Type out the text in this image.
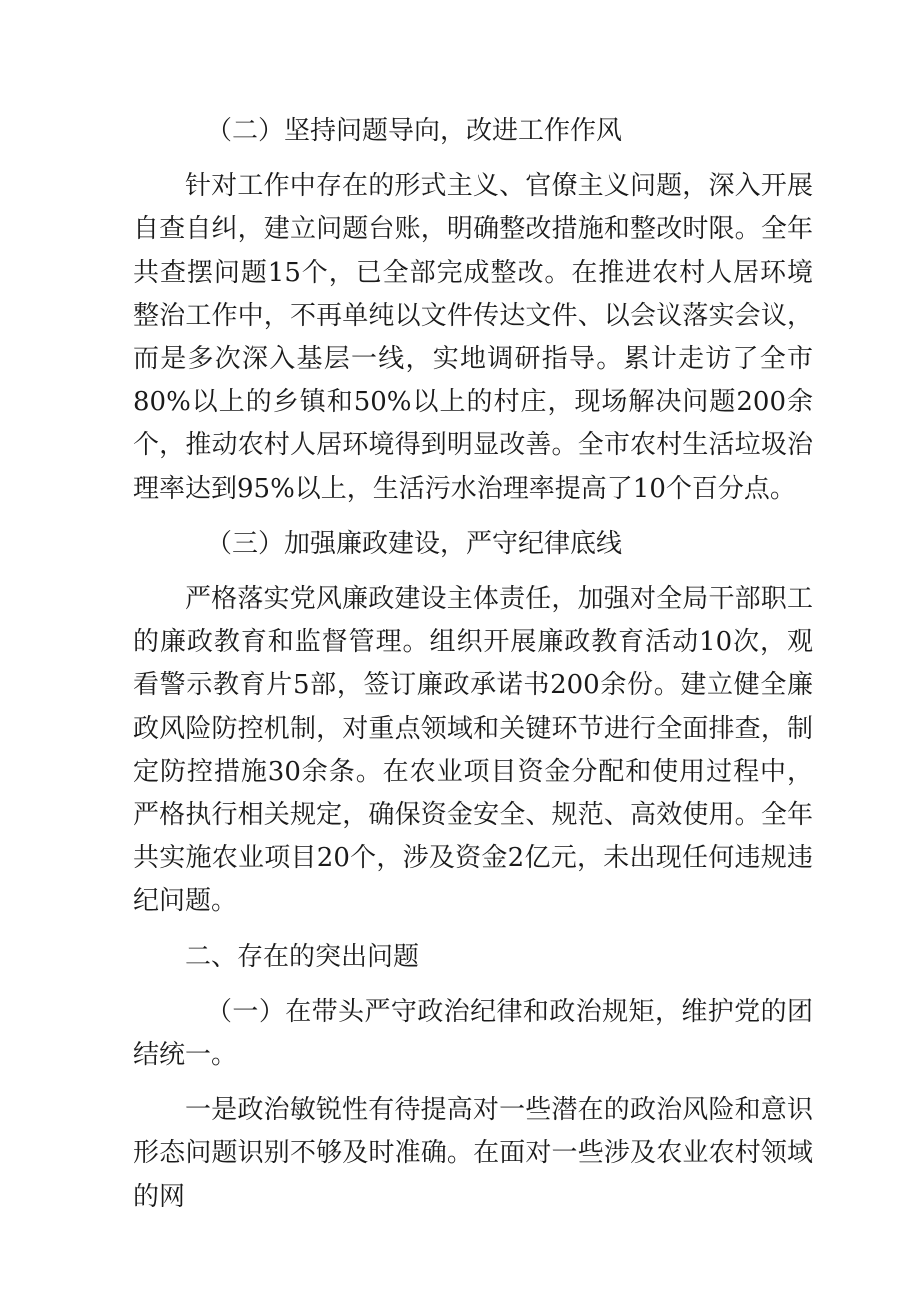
（二）坚持问题导向，改进工作作风

针对工作中存在的形式主义、官僚主义问题，深入开展自查自纠，建立问题台账，明确整改措施和整改时限。全年共查摆问题15个，已全部完成整改。在推进农村人居环境整治工作中，不再单纯以文件传达文件、以会议落实会议，而是多次深入基层一线，实地调研指导。累计走访了全市80%以上的乡镇和50%以上的村庄，现场解决问题200余个，推动农村人居环境得到明显改善。全市农村生活垃圾治理率达到95%以上，生活污水治理率提高了10个百分点。

（三）加强廉政建设，严守纪律底线

严格落实党风廉政建设主体责任，加强对全局干部职工的廉政教育和监督管理。组织开展廉政教育活动10次，观看警示教育片5部，签订廉政承诺书200余份。建立健全廉政风险防控机制，对重点领域和关键环节进行全面排查，制定防控措施30余条。在农业项目资金分配和使用过程中，严格执行相关规定，确保资金安全、规范、高效使用。全年共实施农业项目20个，涉及资金2亿元，未出现任何违规违纪问题。

二、存在的突出问题

（一）在带头严守政治纪律和政治规矩，维护党的团结统一。

一是政治敏锐性有待提高对一些潜在的政治风险和意识形态问题识别不够及时准确。在面对一些涉及农业农村领域的网
